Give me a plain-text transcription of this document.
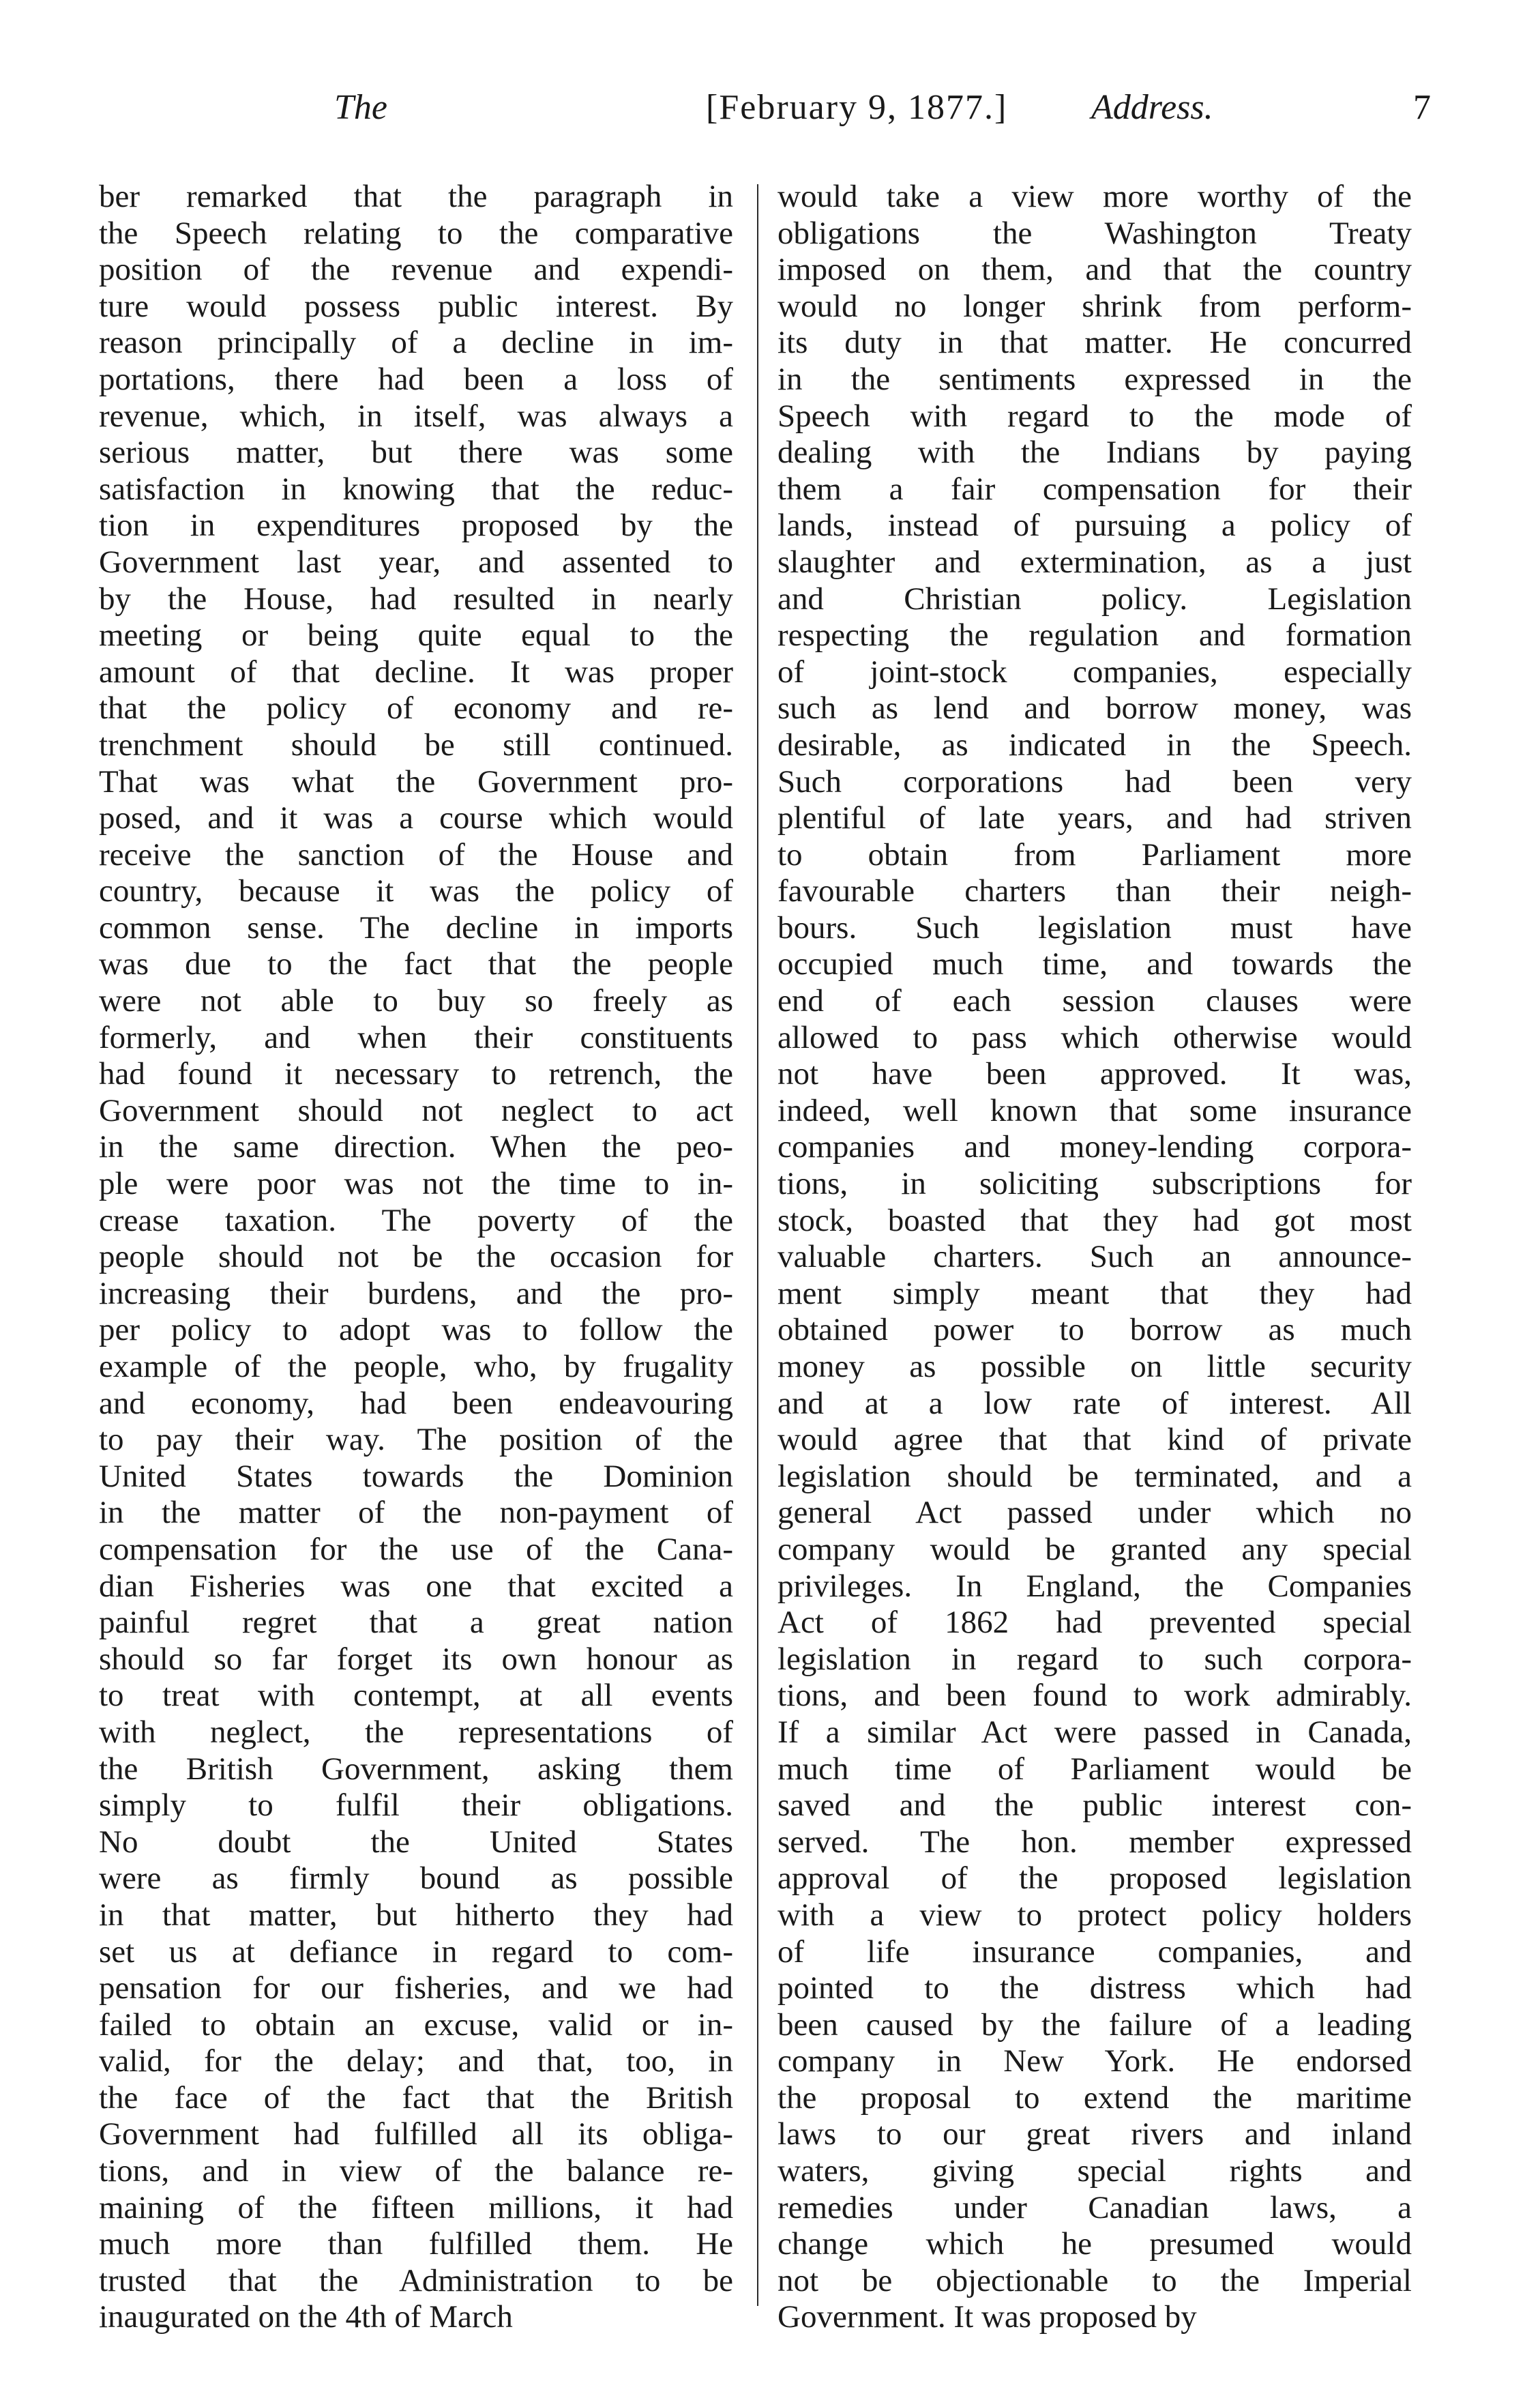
The	[February 9, 1877.] Address.	7
ber remarked that the paragraph in
the Speech relating to the comparative
position of the revenue and expendi-
ture would possess public interest. By
reason principally of a decline in im-
portations, there had been a loss of
revenue, which, in itself, was always a
serious matter, but there was some
satisfaction in knowing that the reduc-
tion in expenditures proposed by the
Government last year, and assented to
by the House, had resulted in nearly
meeting or being quite equal to the
amount of that decline. It was proper
that the policy of economy and re-
trenchment should be still continued.
That was what the Government pro-
posed, and it was a course which would
receive the sanction of the House and
country, because it was the policy of
common sense. The decline in imports
was due to the fact that the people
were not able to buy so freely as
formerly, and when their constituents
had found it necessary to retrench, the
Government should not neglect to act
in the same direction. When the peo-
ple were poor was not the time to in-
crease taxation. The poverty of the
people should not be the occasion for
increasing their burdens, and the pro-
per policy to adopt was to follow the
example of the people, who, by frugality
and economy, had been endeavouring
to pay their way. The position of the
United States towards the Dominion
in the matter of the non-payment of
compensation for the use of the Cana-
dian Fisheries was one that excited a
painful regret that a great nation
should so far forget its own honour as
to treat with contempt, at all events
with neglect, the representations of
the British Government, asking them
simply to fulfil their obligations.
No doubt the United States
were as firmly bound as possible
in that matter, but hitherto they had
set us at defiance in regard to com-
pensation for our fisheries, and we had
failed to obtain an excuse, valid or in-
valid, for the delay; and that, too, in
the face of the fact that the British
Government had fulfilled all its obliga-
tions, and in view of the balance re-
maining of the fifteen millions, it had
much more than fulfilled them. He
trusted that the Administration to be
inaugurated on the 4th of March
would take a view more worthy of the
obligations the Washington Treaty
imposed on them, and that the country
would no longer shrink from perform-
its duty in that matter. He concurred
in the sentiments expressed in the
Speech with regard to the mode of
dealing with the Indians by paying
them a fair compensation for their
lands, instead of pursuing a policy of
slaughter and extermination, as a just
and Christian policy. Legislation
respecting the regulation and formation
of joint-stock companies, especially
such as lend and borrow money, was
desirable, as indicated in the Speech.
Such corporations had been very
plentiful of late years, and had striven
to obtain from Parliament more
favourable charters than their neigh-
bours. Such legislation must have
occupied much time, and towards the
end of each session clauses were
allowed to pass which otherwise would
not have been approved. It was,
indeed, well known that some insurance
companies and money-lending corpora-
tions, in soliciting subscriptions for
stock, boasted that they had got most
valuable charters. Such an announce-
ment simply meant that they had
obtained power to borrow as much
money as possible on little security
and at a low rate of interest. All
would agree that that kind of private
legislation should be terminated, and a
general Act passed under which no
company would be granted any special
privileges. In England, the Companies
Act of 1862 had prevented special
legislation in regard to such corpora-
tions, and been found to work admirably.
If a similar Act were passed in Canada,
much time of Parliament would be
saved and the public interest con-
served. The hon. member expressed
approval of the proposed legislation
with a view to protect policy holders
of life insurance companies, and
pointed to the distress which had
been caused by the failure of a leading
company in New York. He endorsed
the proposal to extend the maritime
laws to our great rivers and inland
waters, giving special rights and
remedies under Canadian laws, a
change which he presumed would
not be objectionable to the Imperial
Government. It was proposed by
